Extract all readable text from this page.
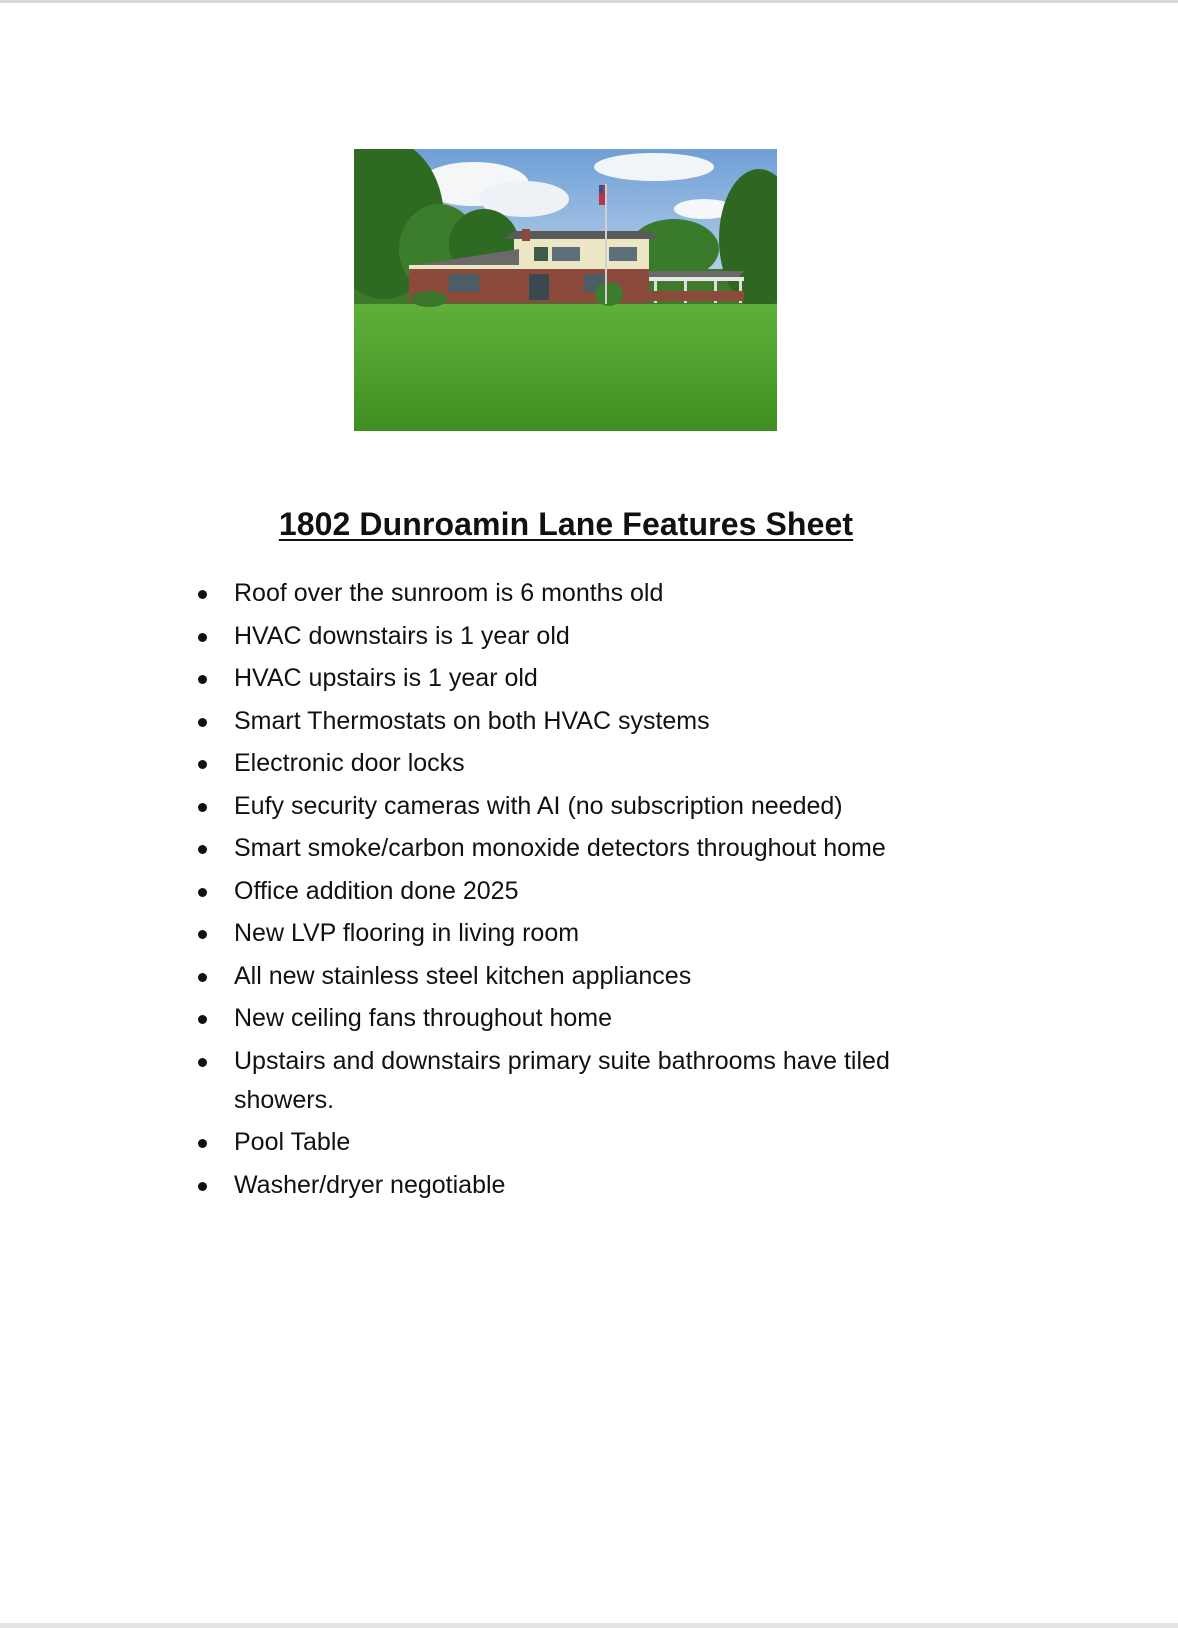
1802 Dunroamin Lane Features Sheet
Roof over the sunroom is 6 months old
HVAC downstairs is 1 year old
HVAC upstairs is 1 year old
Smart Thermostats on both HVAC systems
Electronic door locks
Eufy security cameras with AI (no subscription needed)
Smart smoke/carbon monoxide detectors throughout home
Office addition done 2025
New LVP flooring in living room
All new stainless steel kitchen appliances
New ceiling fans throughout home
Upstairs and downstairs primary suite bathrooms have tiled showers.
Pool Table
Washer/dryer negotiable
